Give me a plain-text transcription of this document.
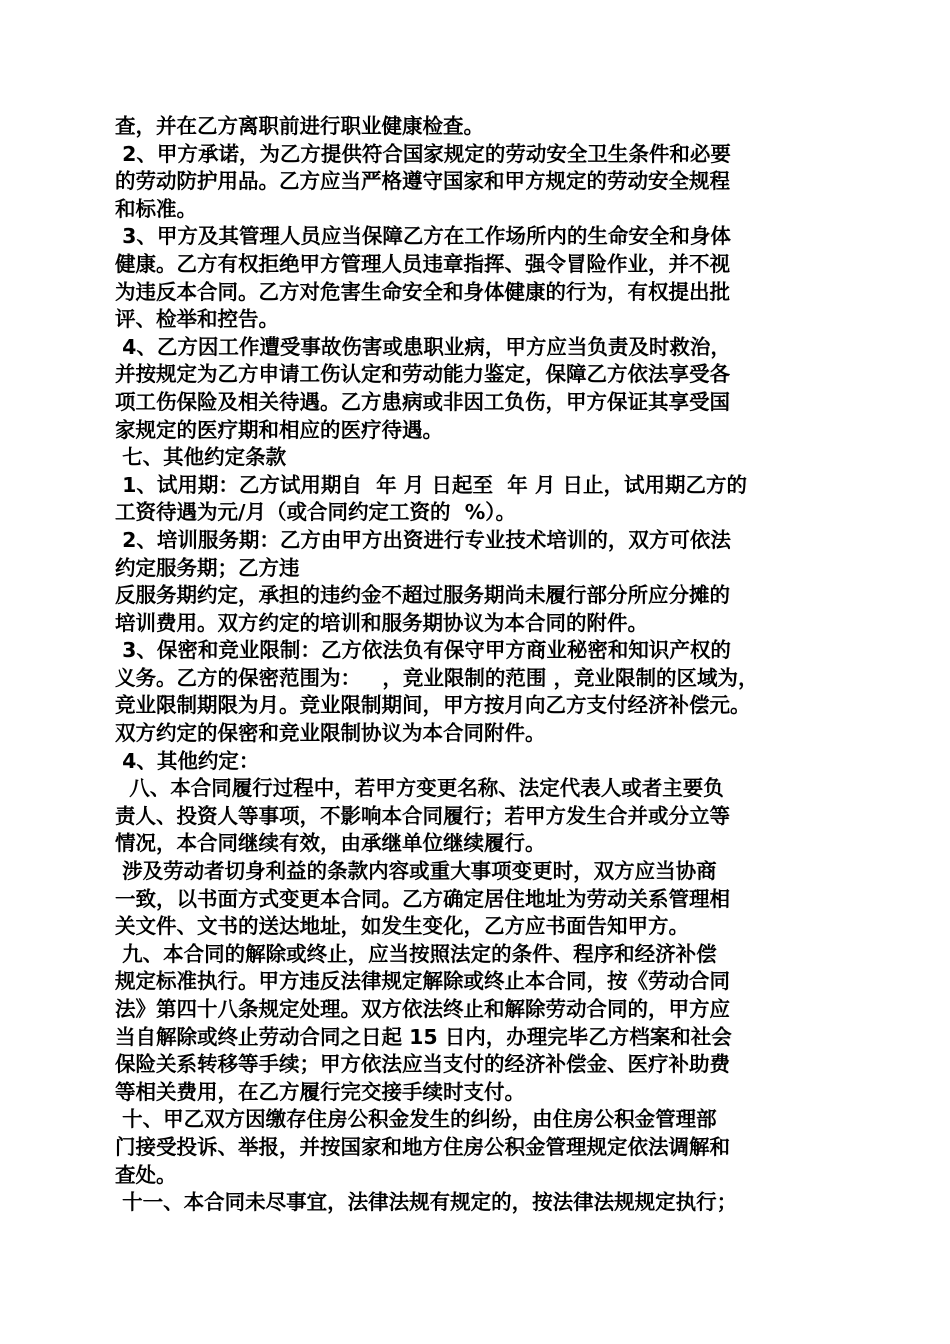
查，并在乙方离职前进行职业健康检查。
2、甲方承诺，为乙方提供符合国家规定的劳动安全卫生条件和必要
的劳动防护用品。乙方应当严格遵守国家和甲方规定的劳动安全规程
和标准。
3、甲方及其管理人员应当保障乙方在工作场所内的生命安全和身体
健康。乙方有权拒绝甲方管理人员违章指挥、强令冒险作业，并不视
为违反本合同。乙方对危害生命安全和身体健康的行为，有权提出批
评、检举和控告。
4、乙方因工作遭受事故伤害或患职业病，甲方应当负责及时救治，
并按规定为乙方申请工伤认定和劳动能力鉴定，保障乙方依法享受各
项工伤保险及相关待遇。乙方患病或非因工负伤，甲方保证其享受国
家规定的医疗期和相应的医疗待遇。
七、其他约定条款
1、试用期：乙方试用期自  年 月 日起至  年 月 日止，试用期乙方的
工资待遇为元/月（或合同约定工资的  %）。
2、培训服务期：乙方由甲方出资进行专业技术培训的，双方可依法
约定服务期；乙方违
反服务期约定，承担的违约金不超过服务期尚未履行部分所应分摊的
培训费用。双方约定的培训和服务期协议为本合同的附件。
3、保密和竞业限制：乙方依法负有保守甲方商业秘密和知识产权的
义务。乙方的保密范围为：   ，竞业限制的范围 ，竞业限制的区域为，
竞业限制期限为月。竞业限制期间，甲方按月向乙方支付经济补偿元。
双方约定的保密和竞业限制协议为本合同附件。
4、其他约定：
八、本合同履行过程中，若甲方变更名称、法定代表人或者主要负
责人、投资人等事项，不影响本合同履行；若甲方发生合并或分立等
情况，本合同继续有效，由承继单位继续履行。
涉及劳动者切身利益的条款内容或重大事项变更时，双方应当协商
一致，以书面方式变更本合同。乙方确定居住地址为劳动关系管理相
关文件、文书的送达地址，如发生变化，乙方应书面告知甲方。
九、本合同的解除或终止，应当按照法定的条件、程序和经济补偿
规定标准执行。甲方违反法律规定解除或终止本合同，按《劳动合同
法》第四十八条规定处理。双方依法终止和解除劳动合同的，甲方应
当自解除或终止劳动合同之日起 15 日内，办理完毕乙方档案和社会
保险关系转移等手续；甲方依法应当支付的经济补偿金、医疗补助费
等相关费用，在乙方履行完交接手续时支付。
十、甲乙双方因缴存住房公积金发生的纠纷，由住房公积金管理部
门接受投诉、举报，并按国家和地方住房公积金管理规定依法调解和
查处。
十一、本合同未尽事宜，法律法规有规定的，按法律法规规定执行；
